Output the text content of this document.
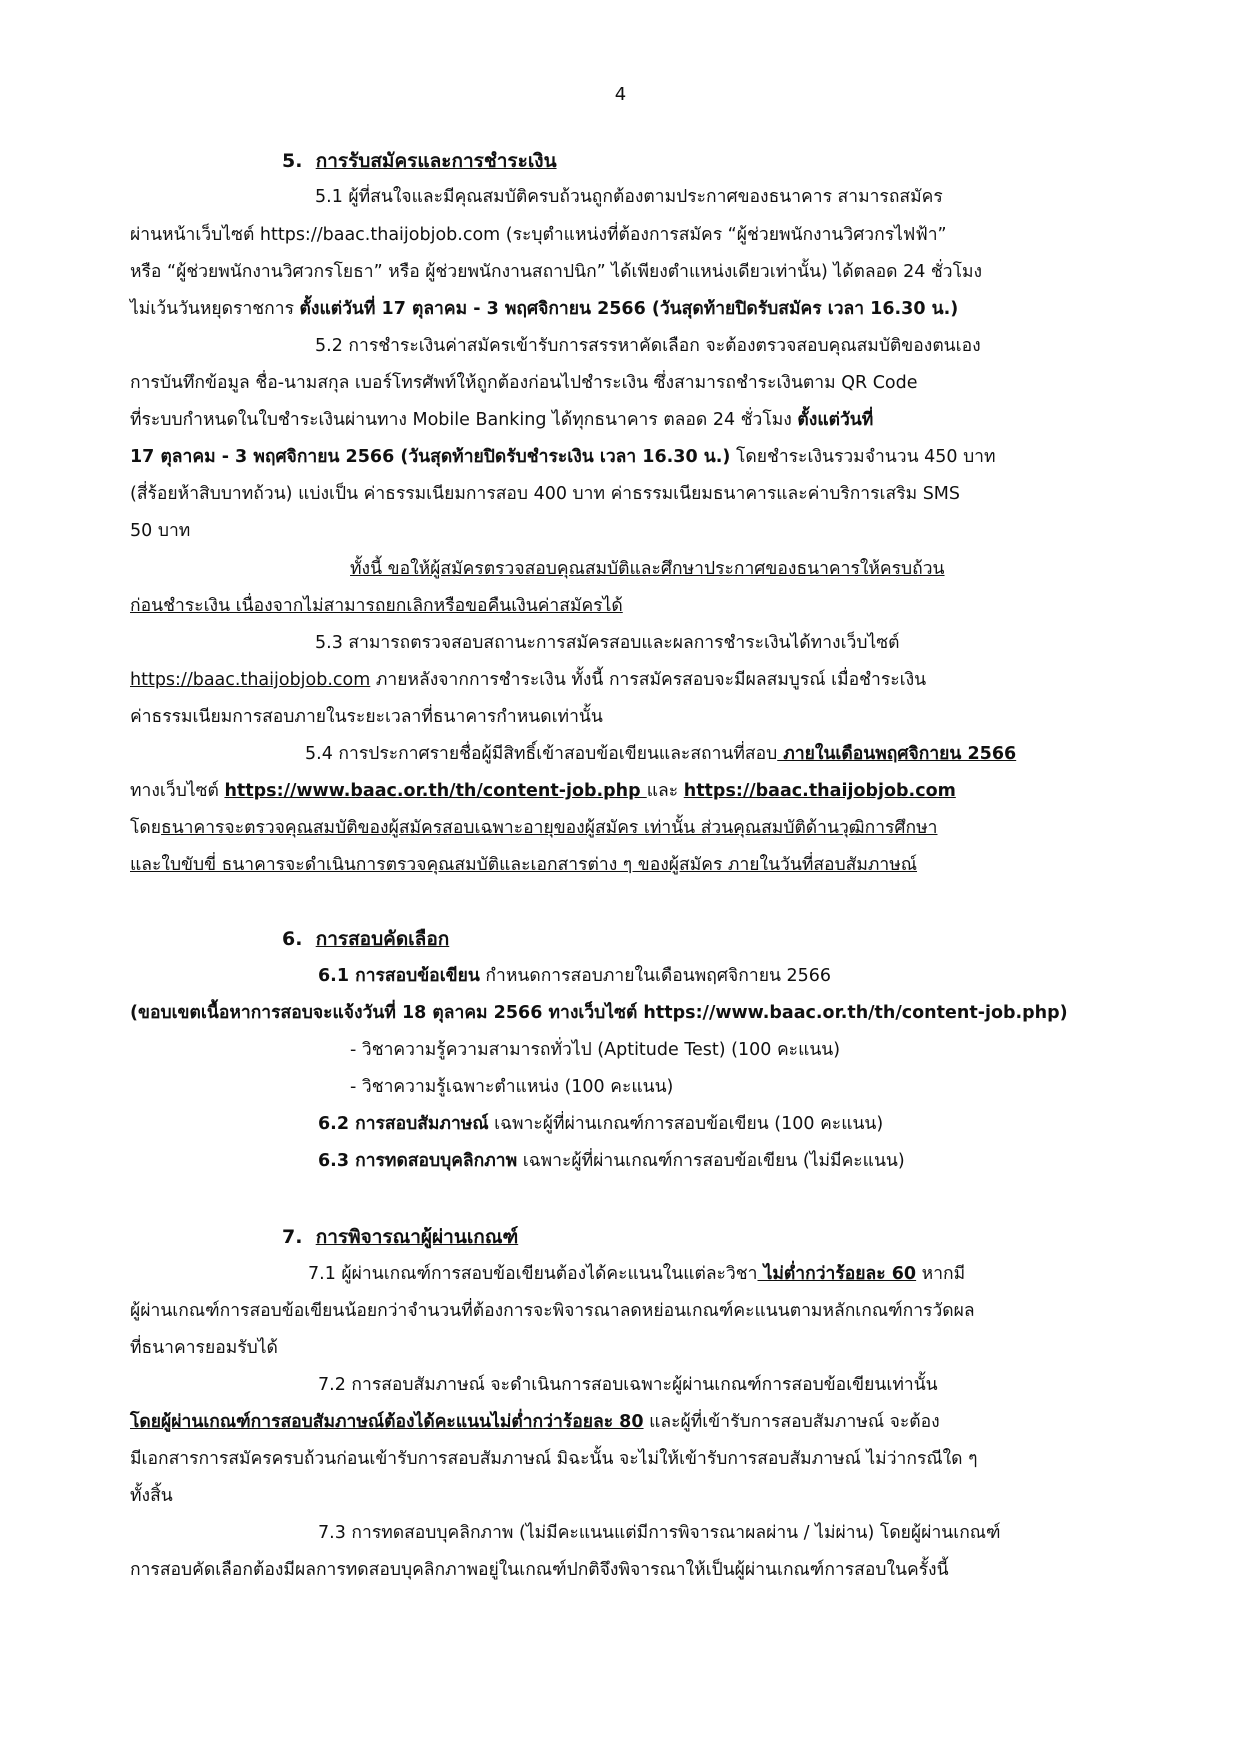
4
5. การรับสมัครและการชำระเงิน
5.1 ผู้ที่สนใจและมีคุณสมบัติครบถ้วนถูกต้องตามประกาศของธนาคาร สามารถสมัคร
ผ่านหน้าเว็บไซต์ https://baac.thaijobjob.com (ระบุตำแหน่งที่ต้องการสมัคร “ผู้ช่วยพนักงานวิศวกรไฟฟ้า”
หรือ “ผู้ช่วยพนักงานวิศวกรโยธา” หรือ ผู้ช่วยพนักงานสถาปนิก” ได้เพียงตำแหน่งเดียวเท่านั้น) ได้ตลอด 24 ชั่วโมง
ไม่เว้นวันหยุดราชการ ตั้งแต่วันที่ 17 ตุลาคม - 3 พฤศจิกายน 2566 (วันสุดท้ายปิดรับสมัคร เวลา 16.30 น.)
5.2 การชำระเงินค่าสมัครเข้ารับการสรรหาคัดเลือก จะต้องตรวจสอบคุณสมบัติของตนเอง
การบันทึกข้อมูล ชื่อ-นามสกุล เบอร์โทรศัพท์ให้ถูกต้องก่อนไปชำระเงิน ซึ่งสามารถชำระเงินตาม QR Code
ที่ระบบกำหนดในใบชำระเงินผ่านทาง Mobile Banking ได้ทุกธนาคาร ตลอด 24 ชั่วโมง ตั้งแต่วันที่
17 ตุลาคม - 3 พฤศจิกายน 2566 (วันสุดท้ายปิดรับชำระเงิน เวลา 16.30 น.) โดยชำระเงินรวมจำนวน 450 บาท
(สี่ร้อยห้าสิบบาทถ้วน) แบ่งเป็น ค่าธรรมเนียมการสอบ 400 บาท ค่าธรรมเนียมธนาคารและค่าบริการเสริม SMS
50 บาท
ทั้งนี้ ขอให้ผู้สมัครตรวจสอบคุณสมบัติและศึกษาประกาศของธนาคารให้ครบถ้วน
ก่อนชำระเงิน เนื่องจากไม่สามารถยกเลิกหรือขอคืนเงินค่าสมัครได้
5.3 สามารถตรวจสอบสถานะการสมัครสอบและผลการชำระเงินได้ทางเว็บไซต์
https://baac.thaijobjob.com ภายหลังจากการชำระเงิน ทั้งนี้ การสมัครสอบจะมีผลสมบูรณ์ เมื่อชำระเงิน
ค่าธรรมเนียมการสอบภายในระยะเวลาที่ธนาคารกำหนดเท่านั้น
5.4 การประกาศรายชื่อผู้มีสิทธิ์เข้าสอบข้อเขียนและสถานที่สอบ ภายในเดือนพฤศจิกายน 2566
ทางเว็บไซต์ https://www.baac.or.th/th/content-job.php และ https://baac.thaijobjob.com
โดยธนาคารจะตรวจคุณสมบัติของผู้สมัครสอบเฉพาะอายุของผู้สมัคร เท่านั้น ส่วนคุณสมบัติด้านวุฒิการศึกษา
และใบขับขี่ ธนาคารจะดำเนินการตรวจคุณสมบัติและเอกสารต่าง ๆ ของผู้สมัคร ภายในวันที่สอบสัมภาษณ์
6. การสอบคัดเลือก
6.1 การสอบข้อเขียน กำหนดการสอบภายในเดือนพฤศจิกายน 2566
(ขอบเขตเนื้อหาการสอบจะแจ้งวันที่ 18 ตุลาคม 2566 ทางเว็บไซต์ https://www.baac.or.th/th/content-job.php)
- วิชาความรู้ความสามารถทั่วไป (Aptitude Test) (100 คะแนน)
- วิชาความรู้เฉพาะตำแหน่ง (100 คะแนน)
6.2 การสอบสัมภาษณ์ เฉพาะผู้ที่ผ่านเกณฑ์การสอบข้อเขียน (100 คะแนน)
6.3 การทดสอบบุคลิกภาพ เฉพาะผู้ที่ผ่านเกณฑ์การสอบข้อเขียน (ไม่มีคะแนน)
7. การพิจารณาผู้ผ่านเกณฑ์
7.1 ผู้ผ่านเกณฑ์การสอบข้อเขียนต้องได้คะแนนในแต่ละวิชา ไม่ต่ำกว่าร้อยละ 60 หากมี
ผู้ผ่านเกณฑ์การสอบข้อเขียนน้อยกว่าจำนวนที่ต้องการจะพิจารณาลดหย่อนเกณฑ์คะแนนตามหลักเกณฑ์การวัดผล
ที่ธนาคารยอมรับได้
7.2 การสอบสัมภาษณ์ จะดำเนินการสอบเฉพาะผู้ผ่านเกณฑ์การสอบข้อเขียนเท่านั้น
โดยผู้ผ่านเกณฑ์การสอบสัมภาษณ์ต้องได้คะแนนไม่ต่ำกว่าร้อยละ 80 และผู้ที่เข้ารับการสอบสัมภาษณ์ จะต้อง
มีเอกสารการสมัครครบถ้วนก่อนเข้ารับการสอบสัมภาษณ์ มิฉะนั้น จะไม่ให้เข้ารับการสอบสัมภาษณ์ ไม่ว่ากรณีใด ๆ
ทั้งสิ้น
7.3 การทดสอบบุคลิกภาพ (ไม่มีคะแนนแต่มีการพิจารณาผลผ่าน / ไม่ผ่าน) โดยผู้ผ่านเกณฑ์
การสอบคัดเลือกต้องมีผลการทดสอบบุคลิกภาพอยู่ในเกณฑ์ปกติจึงพิจารณาให้เป็นผู้ผ่านเกณฑ์การสอบในครั้งนี้
